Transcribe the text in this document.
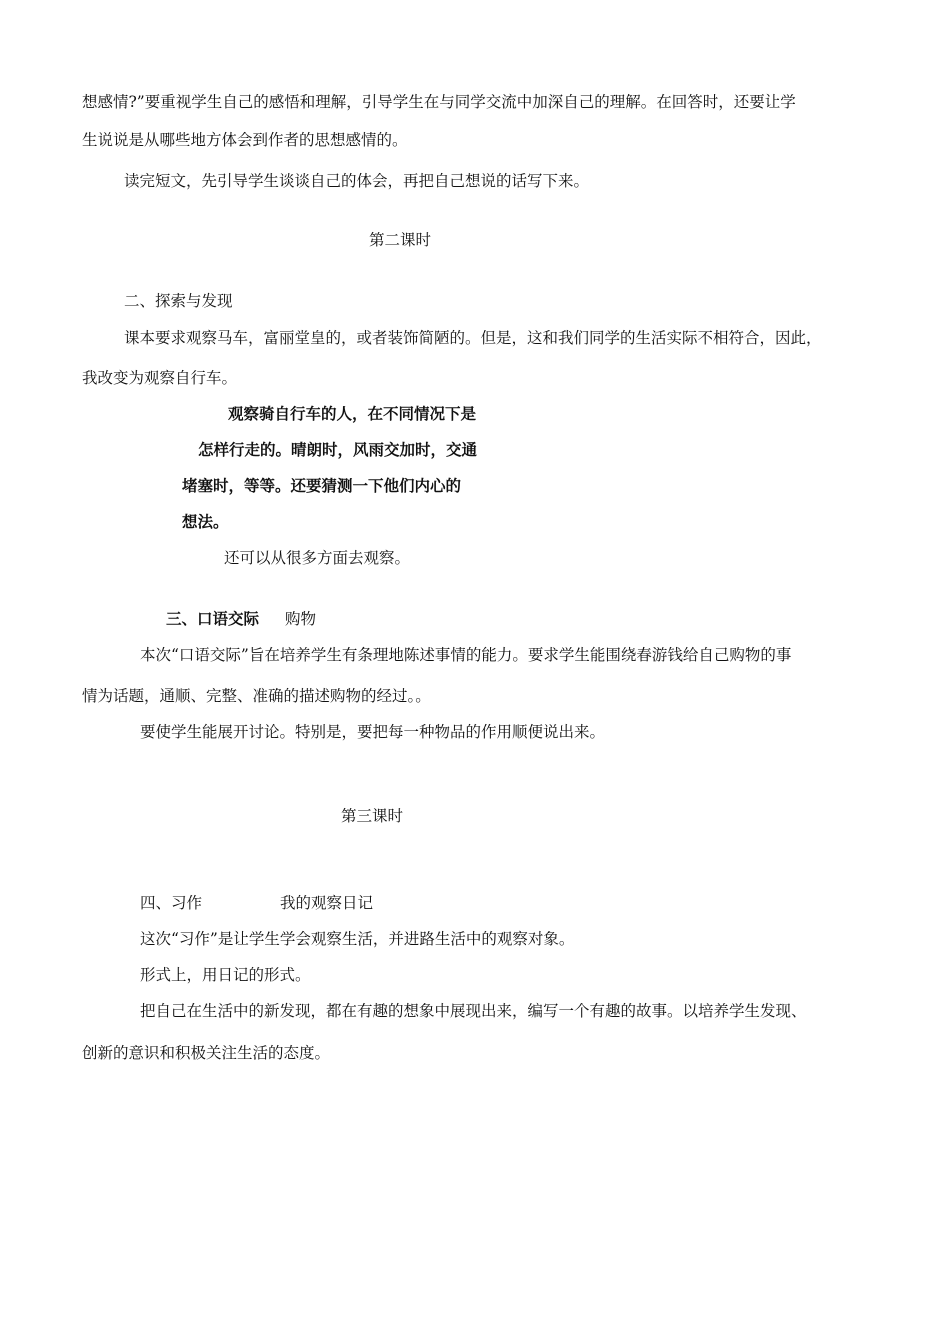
想感情?”要重视学生自己的感悟和理解，引导学生在与同学交流中加深自己的理解。在回答时，还要让学
生说说是从哪些地方体会到作者的思想感情的。
读完短文，先引导学生谈谈自己的体会，再把自己想说的话写下来。
第二课时
二、探索与发现
课本要求观察马车，富丽堂皇的，或者装饰简陋的。但是，这和我们同学的生活实际不相符合，因此，
我改变为观察自行车。
观察骑自行车的人，在不同情况下是
怎样行走的。晴朗时，风雨交加时，交通
堵塞时，等等。还要猜测一下他们内心的
想法。
还可以从很多方面去观察。
三、口语交际 购物
本次“口语交际”旨在培养学生有条理地陈述事情的能力。要求学生能围绕春游钱给自己购物的事
情为话题，通顺、完整、准确的描述购物的经过。。
要使学生能展开讨论。特别是，要把每一种物品的作用顺便说出来。
第三课时
四、习作	我的观察日记
这次“习作”是让学生学会观察生活，并进路生活中的观察对象。
形式上，用日记的形式。
把自己在生活中的新发现，都在有趣的想象中展现出来，编写一个有趣的故事。以培养学生发现、
创新的意识和积极关注生活的态度。
